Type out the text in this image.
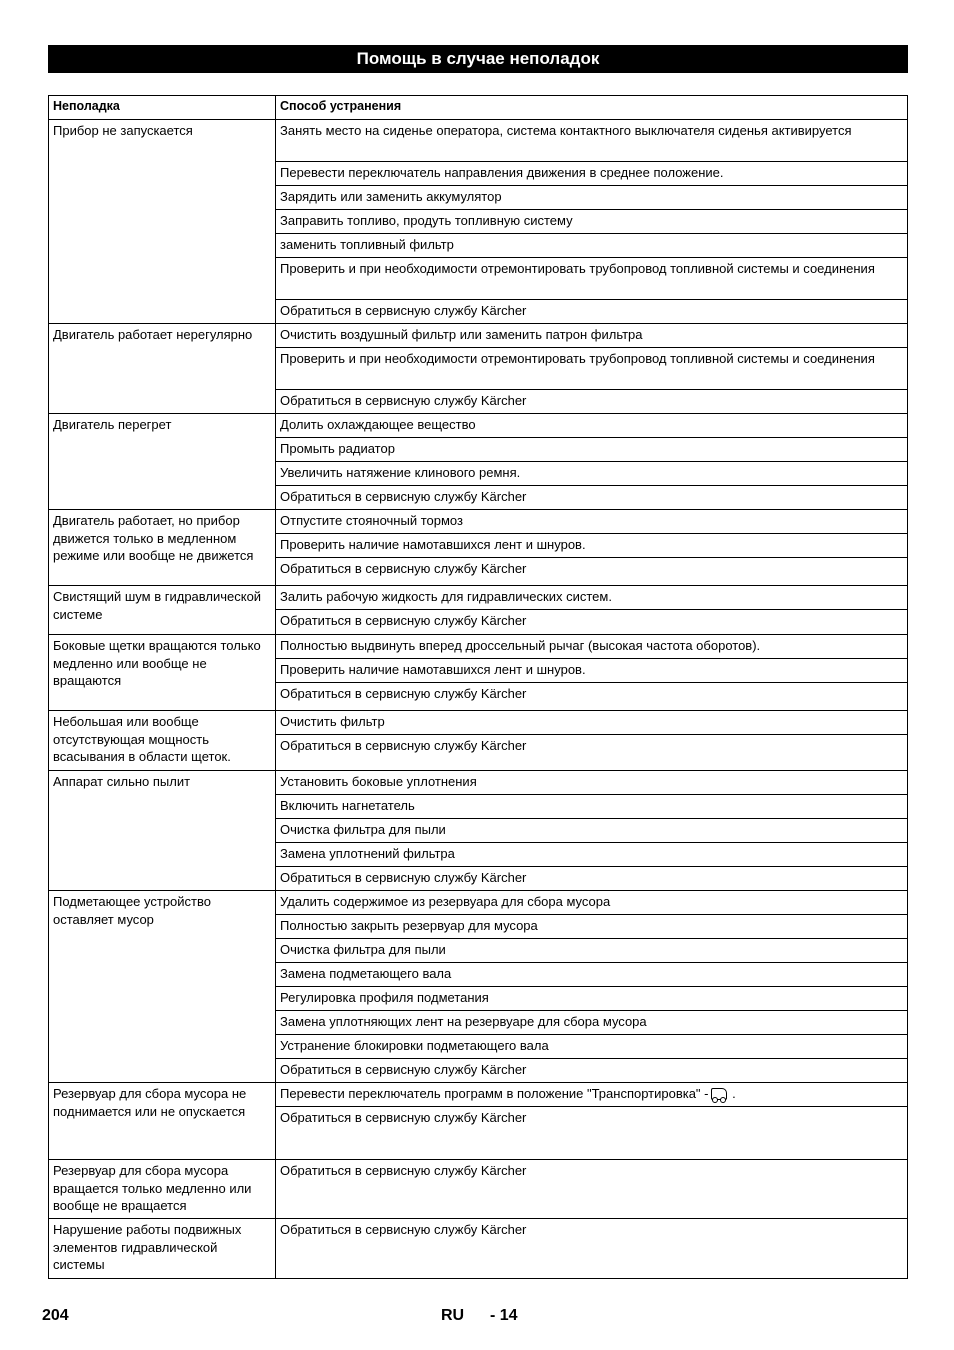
Помощь в случае неполадок
Неполадка	Способ устранения
Прибор не запускается	Занять место на сиденье оператора, система контактного выключателя сиденья активируется
	Перевести переключатель направления движения в среднее положение.
	Зарядить или заменить аккумулятор
	Заправить топливо, продуть топливную систему
	заменить топливный фильтр
	Проверить и при необходимости отремонтировать трубопровод топливной системы и соединения
	Обратиться в сервисную службу Kärcher
Двигатель работает нерегулярно	Очистить воздушный фильтр или заменить патрон фильтра
	Проверить и при необходимости отремонтировать трубопровод топливной системы и соединения
	Обратиться в сервисную службу Kärcher
Двигатель перегрет	Долить охлаждающее вещество
	Промыть радиатор
	Увеличить натяжение клинового ремня.
	Обратиться в сервисную службу Kärcher
Двигатель работает, но прибор движется только в медленном режиме или вообще не движется	Отпустите стояночный тормоз
	Проверить наличие намотавшихся лент и шнуров.
	Обратиться в сервисную службу Kärcher
Свистящий шум в гидравлической системе	Залить рабочую жидкость для гидравлических систем.
	Обратиться в сервисную службу Kärcher
Боковые щетки вращаются только медленно или вообще не вращаются	Полностью выдвинуть вперед дроссельный рычаг (высокая частота оборотов).
	Проверить наличие намотавшихся лент и шнуров.
	Обратиться в сервисную службу Kärcher
Небольшая или вообще отсутствующая мощность всасывания в области щеток.	Очистить фильтр
	Обратиться в сервисную службу Kärcher
Аппарат сильно пылит	Установить боковые уплотнения
	Включить нагнетатель
	Очистка фильтра для пыли
	Замена уплотнений фильтра
	Обратиться в сервисную службу Kärcher
Подметающее устройство оставляет мусор	Удалить содержимое из резервуара для сбора мусора
	Полностью закрыть резервуар для мусора
	Очистка фильтра для пыли
	Замена подметающего вала
	Регулировка профиля подметания
	Замена уплотняющих лент на резервуаре для сбора мусора
	Устранение блокировки подметающего вала
	Обратиться в сервисную службу Kärcher
Резервуар для сбора мусора не поднимается или не опускается	Перевести переключатель программ в положение "Транспортировка" - .
	Обратиться в сервисную службу Kärcher
Резервуар для сбора мусора вращается только медленно или вообще не вращается	Обратиться в сервисную службу Kärcher
Нарушение работы подвижных элементов гидравлической системы	Обратиться в сервисную службу Kärcher
204	RU - 14
